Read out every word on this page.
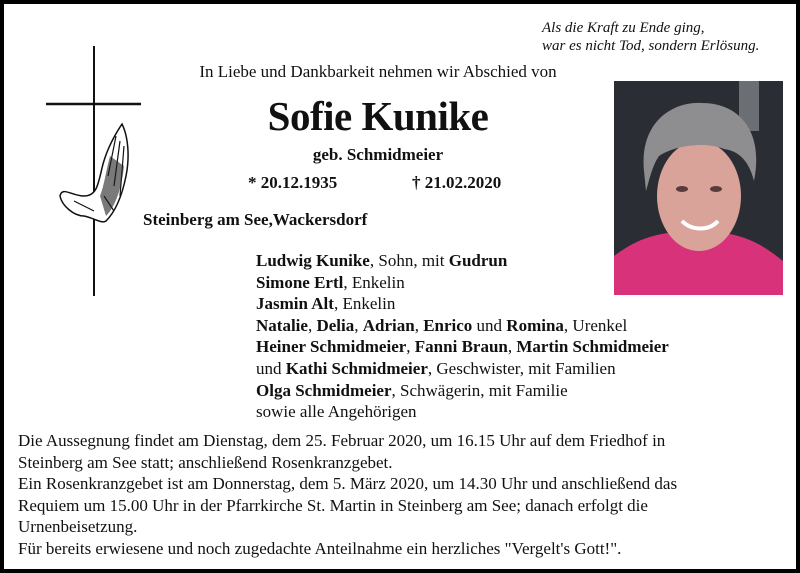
Als die Kraft zu Ende ging,
war es nicht Tod, sondern Erlösung.
In Liebe und Dankbarkeit nehmen wir Abschied von
Sofie Kunike
geb. Schmidmeier
* 20.12.1935	† 21.02.2020
Steinberg am See,Wackersdorf
Ludwig Kunike, Sohn, mit Gudrun
Simone Ertl, Enkelin
Jasmin Alt, Enkelin
Natalie, Delia, Adrian, Enrico und Romina, Urenkel
Heiner Schmidmeier, Fanni Braun, Martin Schmidmeier
und Kathi Schmidmeier, Geschwister, mit Familien
Olga Schmidmeier, Schwägerin, mit Familie
sowie alle Angehörigen
Die Aussegnung findet am Dienstag, dem 25. Februar 2020, um 16.15 Uhr auf dem Friedhof in
Steinberg am See statt; anschließend Rosenkranzgebet.
Ein Rosenkranzgebet ist am Donnerstag, dem 5. März 2020, um 14.30 Uhr und anschließend das
Requiem um 15.00 Uhr in der Pfarrkirche St. Martin in Steinberg am See; danach erfolgt die
Urnenbeisetzung.
Für bereits erwiesene und noch zugedachte Anteilnahme ein herzliches "Vergelt's Gott!".
